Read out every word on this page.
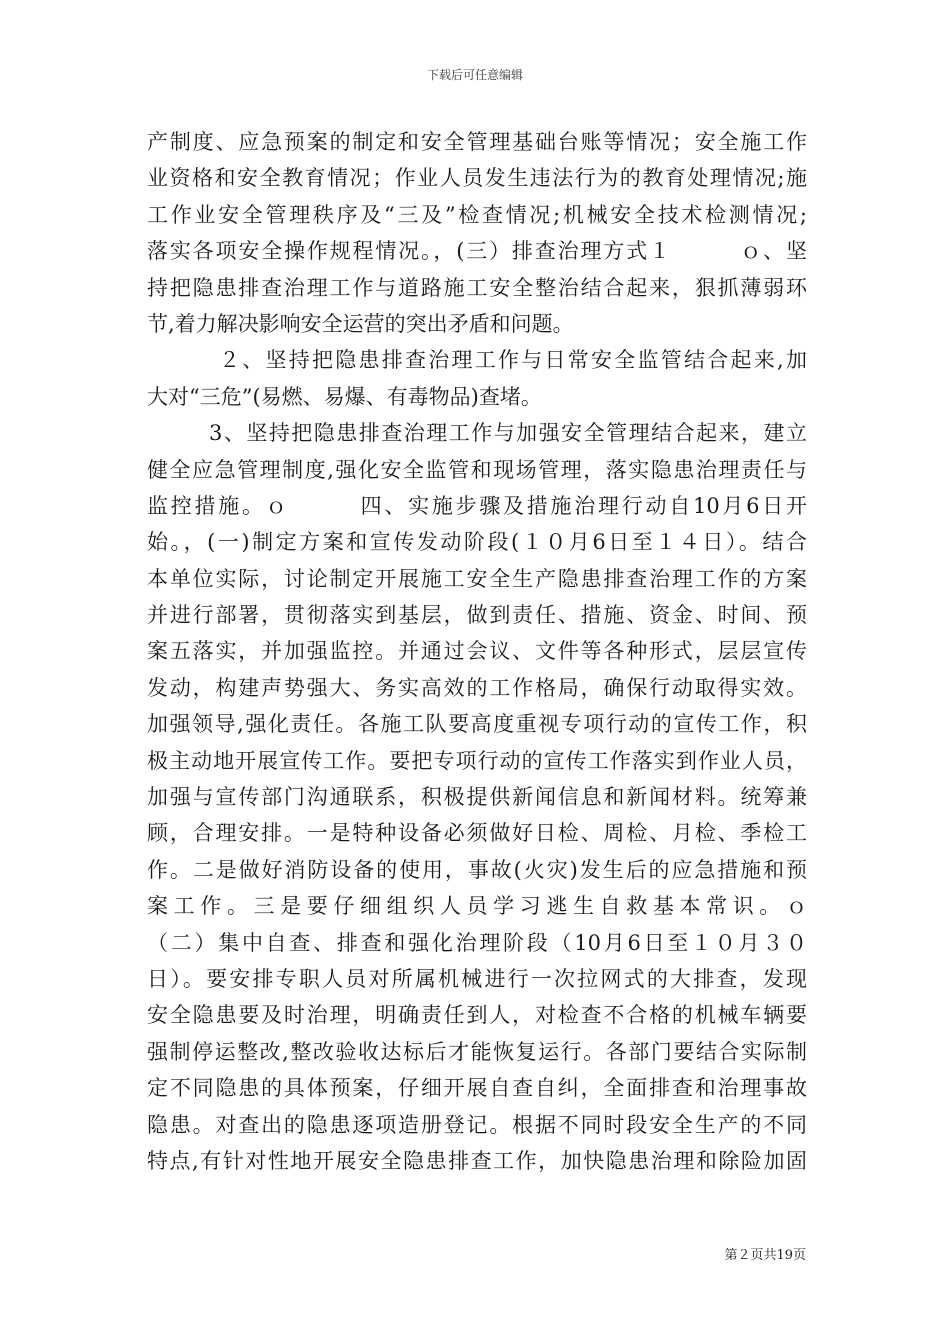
下载后可任意编辑
产制度、应急预案的制定和安全管理基础台账等情况；安全施工作
业资格和安全教育情况；作业人员发生违法行为的教育处理情况;施
工作业安全管理秩序及“三及”检查情况;机械安全技术检测情况;
落实各项安全操作规程情况。，(三）排查治理方式１　　　ｏ、坚
持把隐患排查治理工作与道路施工安全整治结合起来，狠抓薄弱环
节,着力解决影响安全运营的突出矛盾和问题。
２、坚持把隐患排查治理工作与日常安全监管结合起来,加
大对“三危”(易燃、易爆、有毒物品)查堵。
3、坚持把隐患排查治理工作与加强安全管理结合起来，建立
健全应急管理制度,强化安全监管和现场管理，落实隐患治理责任与
监控措施。ｏ　　　四、实施步骤及措施治理行动自10月6日开
始。，(一)制定方案和宣传发动阶段(１０月6日至１４日）。结合
本单位实际，讨论制定开展施工安全生产隐患排查治理工作的方案
并进行部署，贯彻落实到基层，做到责任、措施、资金、时间、预
案五落实，并加强监控。并通过会议、文件等各种形式，层层宣传
发动，构建声势强大、务实高效的工作格局，确保行动取得实效。
加强领导,强化责任。各施工队要高度重视专项行动的宣传工作，积
极主动地开展宣传工作。要把专项行动的宣传工作落实到作业人员，
加强与宣传部门沟通联系，积极提供新闻信息和新闻材料。统筹兼
顾，合理安排。一是特种设备必须做好日检、周检、月检、季检工
作。二是做好消防设备的使用，事故(火灾)发生后的应急措施和预
案工作。三是要仔细组织人员学习逃生自救基本常识。ｏ
（二）集中自查、排查和强化治理阶段（10月6日至１０月３０
日）。要安排专职人员对所属机械进行一次拉网式的大排查，发现
安全隐患要及时治理，明确责任到人，对检查不合格的机械车辆要
强制停运整改,整改验收达标后才能恢复运行。各部门要结合实际制
定不同隐患的具体预案，仔细开展自查自纠，全面排查和治理事故
隐患。对查出的隐患逐项造册登记。根据不同时段安全生产的不同
特点,有针对性地开展安全隐患排查工作，加快隐患治理和除险加固
第２页共19页
